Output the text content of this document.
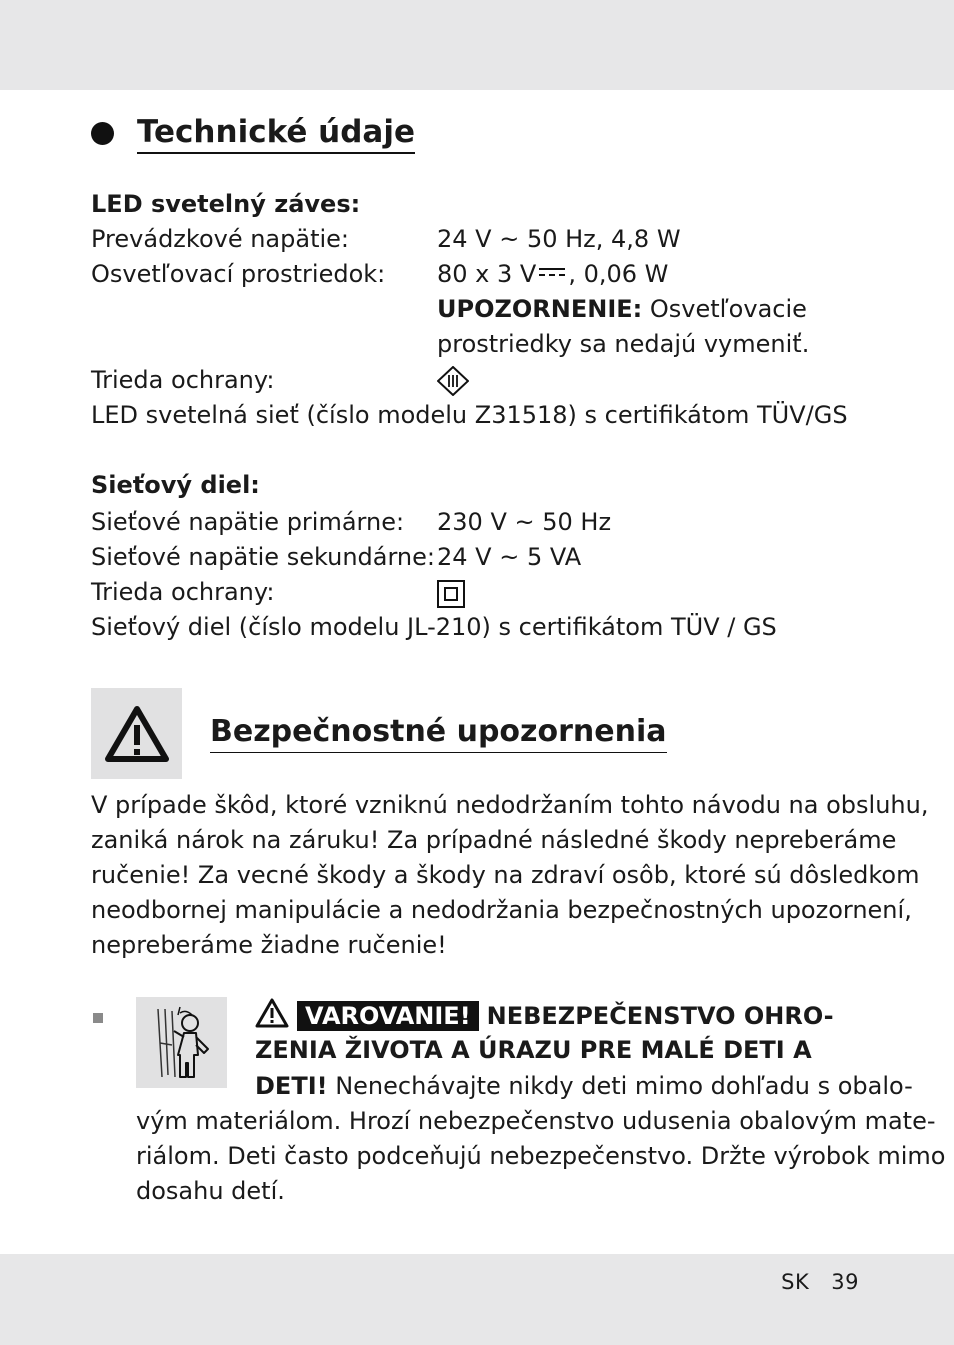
Technické údaje
LED svetelný záves:
Prevádzkové napätie:	24 V ~ 50 Hz, 4,8 W
Osvetľovací prostriedok: 80 x 3 V , 0,06 W
UPOZORNENIE: Osvetľovacie
prostriedky sa nedajú vymeniť.
Trieda ochrany:
LED svetelná sieť (číslo modelu Z31518) s certifikátom TÜV/GS
Sieťový diel:
Sieťové napätie primárne: 230 V ~ 50 Hz
Sieťové napätie sekundárne: 24 V ~ 5 VA
Trieda ochrany:
Sieťový diel (číslo modelu JL-210) s certifikátom TÜV / GS
Bezpečnostné upozornenia
V prípade škôd, ktoré vzniknú nedodržaním tohto návodu na obsluhu,
zaniká nárok na záruku! Za prípadné následné škody nepreberáme
ručenie! Za vecné škody a škody na zdraví osôb, ktoré sú dôsledkom
neodbornej manipulácie a nedodržania bezpečnostných upozornení,
nepreberáme žiadne ručenie!
VAROVANIE! NEBEZPEČENSTVO OHRO-
ZENIA ŽIVOTA A ÚRAZU PRE MALÉ DETI A
DETI! Nenechávajte nikdy deti mimo dohľadu s obalo-
vým materiálom. Hrozí nebezpečenstvo udusenia obalovým mate-
riálom. Deti často podceňujú nebezpečenstvo. Držte výrobok mimo
dosahu detí.
SK 39
